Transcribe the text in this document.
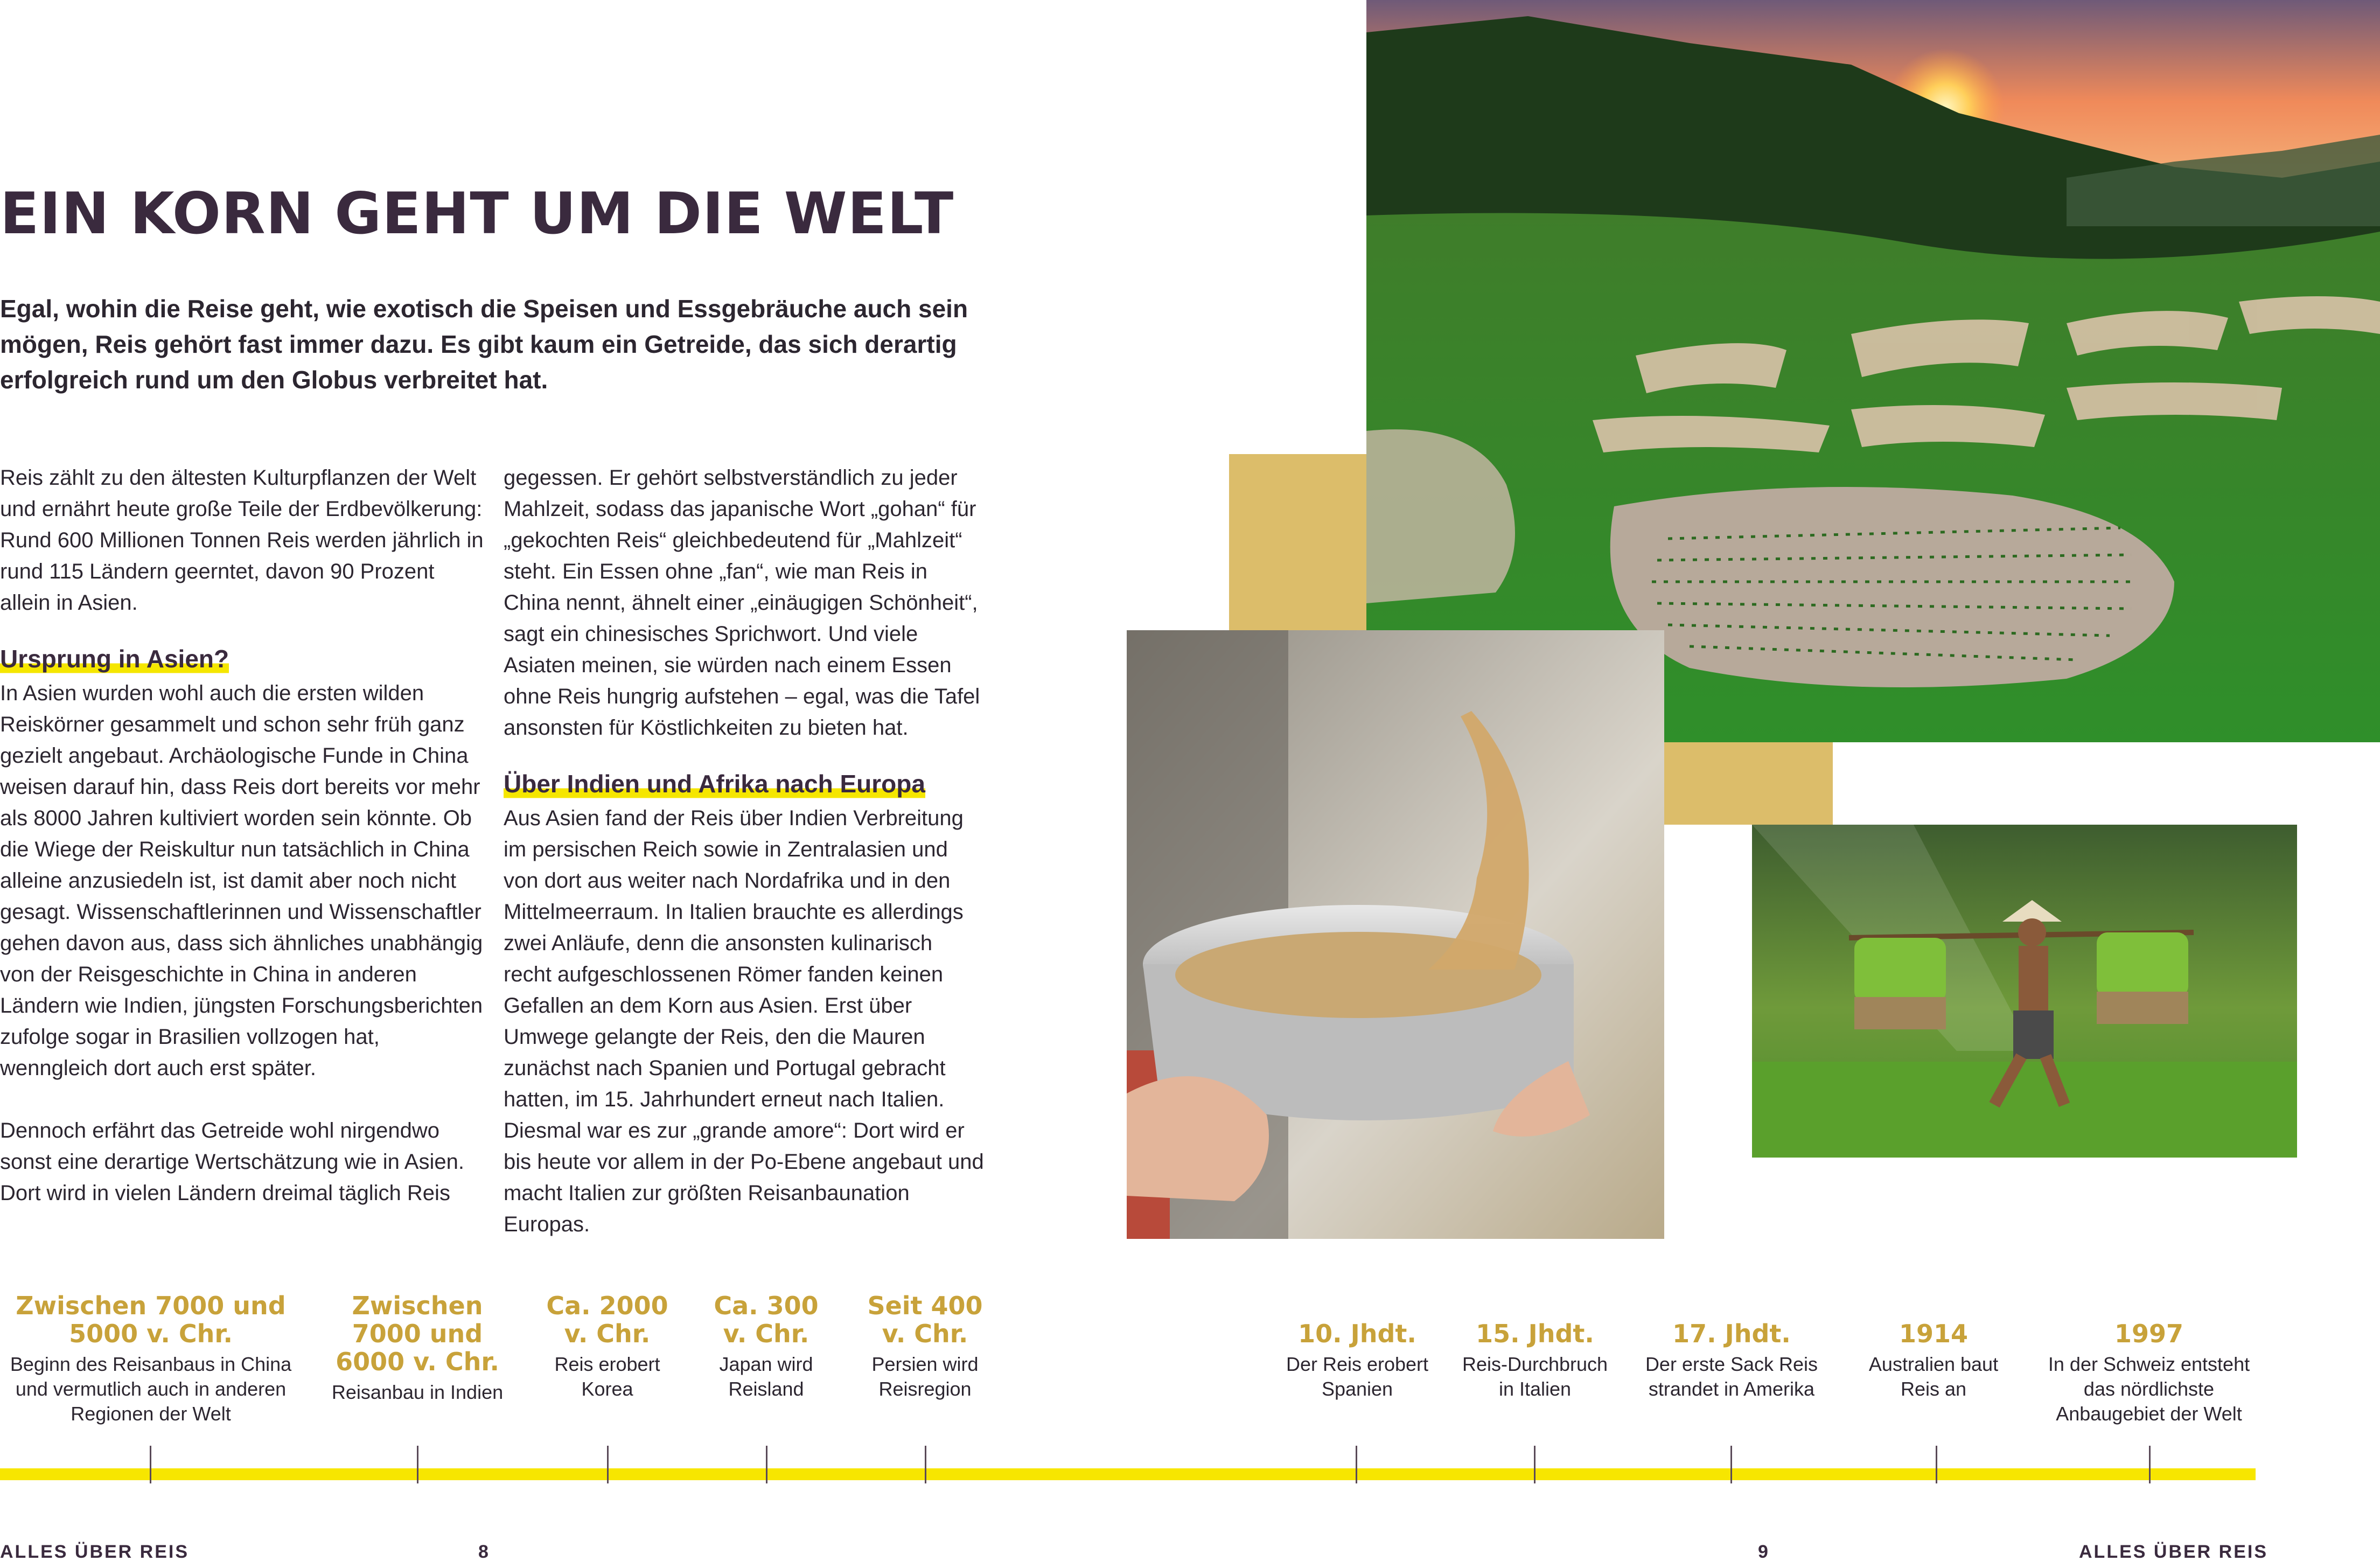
EIN KORN GEHT UM DIE WELT
Egal, wohin die Reise geht, wie exotisch die Speisen und Essgebräuche auch sein mögen, Reis gehört fast immer dazu. Es gibt kaum ein Getreide, das sich derartig erfolgreich rund um den Globus verbreitet hat.

Reis zählt zu den ältesten Kulturpflanzen der Welt und ernährt heute große Teile der Erdbevölkerung: Rund 600 Millionen Tonnen Reis werden jährlich in rund 115 Ländern geerntet, davon 90 Prozent allein in Asien.

Ursprung in Asien?

In Asien wurden wohl auch die ersten wilden Reiskörner gesammelt und schon sehr früh ganz gezielt angebaut. Archäologische Funde in China weisen darauf hin, dass Reis dort bereits vor mehr als 8000 Jahren kultiviert worden sein könnte. Ob die Wiege der Reiskultur nun tatsächlich in China alleine anzusiedeln ist, ist damit aber noch nicht gesagt. Wissenschaftlerinnen und Wissenschaftler gehen davon aus, dass sich ähnliches unabhängig von der Reisgeschichte in China in anderen Ländern wie Indien, jüngsten Forschungsberichten zufolge sogar in Brasilien vollzogen hat, wenngleich dort auch erst später.

Dennoch erfährt das Getreide wohl nirgendwo sonst eine derartige Wertschätzung wie in Asien. Dort wird in vielen Ländern dreimal täglich Reis

gegessen. Er gehört selbstverständlich zu jeder Mahlzeit, sodass das japanische Wort „gohan“ für „gekochten Reis“ gleichbedeutend für „Mahlzeit“ steht. Ein Essen ohne „fan“, wie man Reis in China nennt, ähnelt einer „einäugigen Schönheit“, sagt ein chinesisches Sprichwort. Und viele Asiaten meinen, sie würden nach einem Essen ohne Reis hungrig aufstehen – egal, was die Tafel ansonsten für Köstlichkeiten zu bieten hat.

Über Indien und Afrika nach Europa

Aus Asien fand der Reis über Indien Verbreitung im persischen Reich sowie in Zentralasien und von dort aus weiter nach Nordafrika und in den Mittelmeerraum. In Italien brauchte es allerdings zwei Anläufe, denn die ansonsten kulinarisch recht aufgeschlossenen Römer fanden keinen Gefallen an dem Korn aus Asien. Erst über Umwege gelangte der Reis, den die Mauren zunächst nach Spanien und Portugal gebracht hatten, im 15. Jahrhundert erneut nach Italien. Diesmal war es zur „grande amore“: Dort wird er bis heute vor allem in der Po-Ebene angebaut und macht Italien zur größten Reisanbaunation Europas.

Zwischen 7000 und 5000 v. Chr.
Beginn des Reisanbaus in China und vermutlich auch in anderen Regionen der Welt
Zwischen 7000 und 6000 v. Chr.
Reisanbau in Indien
Ca. 2000 v. Chr.
Reis erobert Korea
Ca. 300 v. Chr.
Japan wird Reisland
Seit 400 v. Chr.
Persien wird Reisregion
10. Jhdt.
Der Reis erobert Spanien
15. Jhdt.
Reis-Durchbruch in Italien
17. Jhdt.
Der erste Sack Reis strandet in Amerika
1914
Australien baut Reis an
1997
In der Schweiz entsteht das nördlichste Anbaugebiet der Welt
ALLES ÜBER REIS	8	9	ALLES ÜBER REIS
